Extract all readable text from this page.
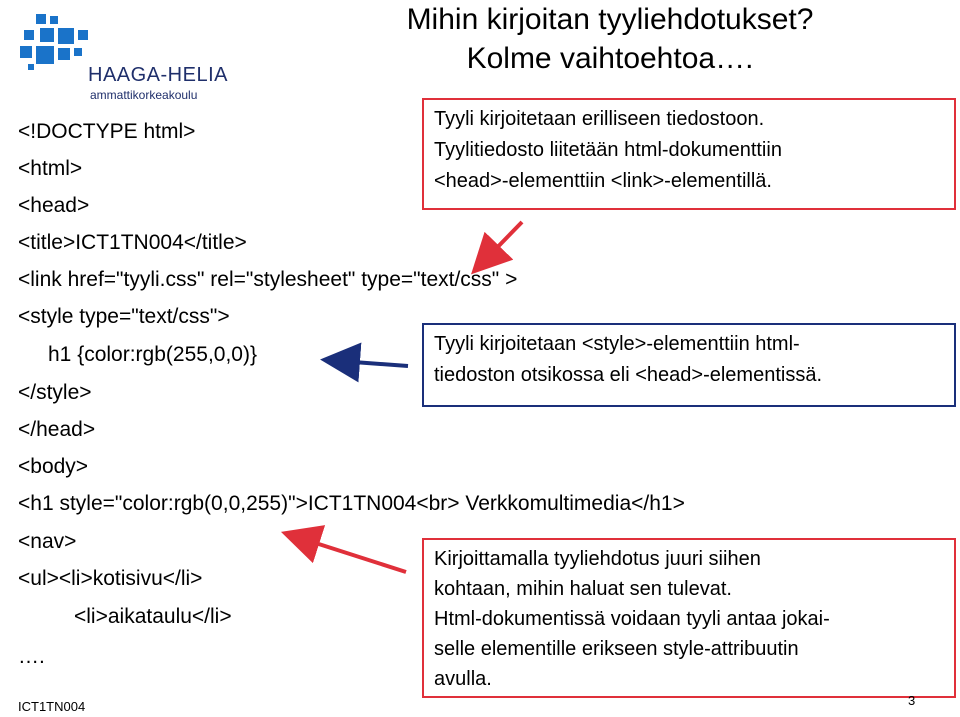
HAAGA-HELIA
ammattikorkeakoulu
Mihin kirjoitan tyyliehdotukset?
Kolme vaihtoehtoa….
<!DOCTYPE html>
<html>
<head>
<title>ICT1TN004</title>
<link href="tyyli.css" rel="stylesheet" type="text/css" >
<style type="text/css">
h1 {color:rgb(255,0,0)}
</style>
</head>
<body>
<h1 style="color:rgb(0,0,255)">ICT1TN004<br> Verkkomultimedia</h1>
<nav>
<ul><li>kotisivu</li>
<li>aikataulu</li>
….
Tyyli kirjoitetaan erilliseen tiedostoon.
Tyylitiedosto liitetään html-dokumenttiin
<head>-elementtiin <link>-elementillä.
Tyyli kirjoitetaan <style>-elementtiin html-
tiedoston otsikossa eli <head>-elementissä.
Kirjoittamalla tyyliehdotus juuri siihen
kohtaan, mihin haluat sen tulevat.
Html-dokumentissä voidaan tyyli antaa jokai-
selle elementille erikseen style-attribuutin
avulla.
ICT1TN004	3
